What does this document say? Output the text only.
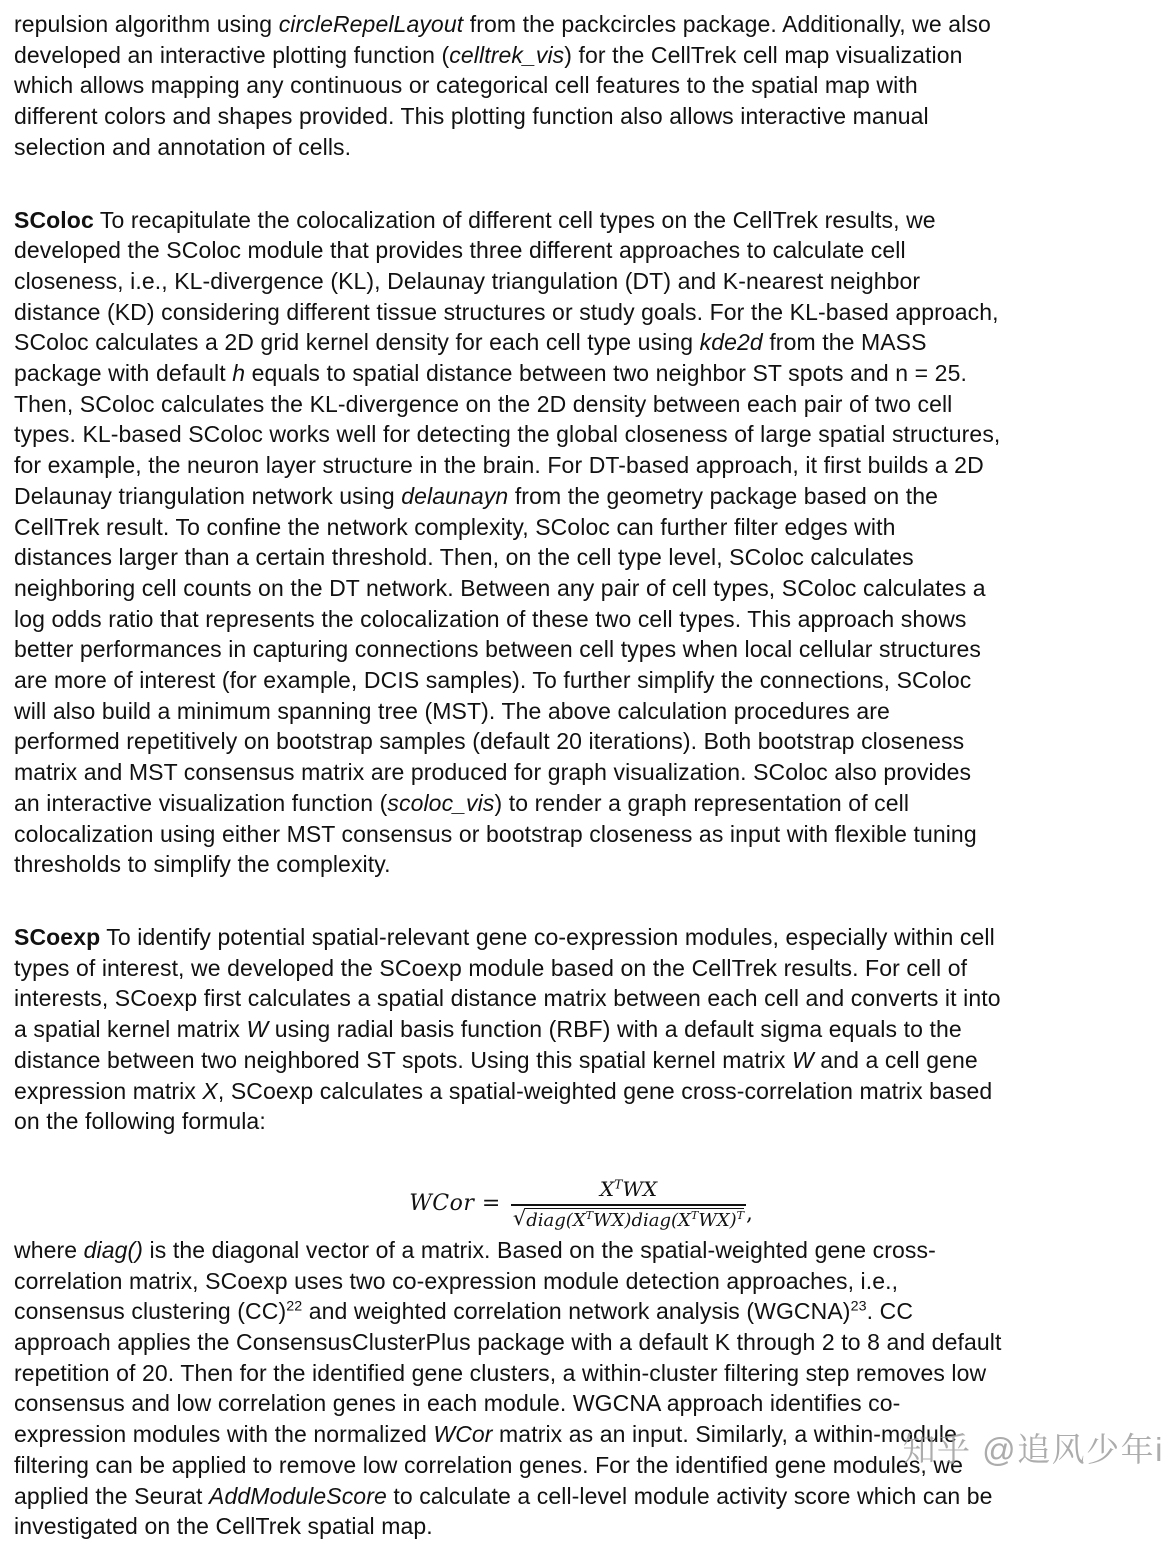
repulsion algorithm using circleRepelLayout from the packcircles package. Additionally, we also
developed an interactive plotting function (celltrek_vis) for the CellTrek cell map visualization
which allows mapping any continuous or categorical cell features to the spatial map with
different colors and shapes provided. This plotting function also allows interactive manual
selection and annotation of cells.
SColoc To recapitulate the colocalization of different cell types on the CellTrek results, we
developed the SColoc module that provides three different approaches to calculate cell
closeness, i.e., KL-divergence (KL), Delaunay triangulation (DT) and K-nearest neighbor
distance (KD) considering different tissue structures or study goals. For the KL-based approach,
SColoc calculates a 2D grid kernel density for each cell type using kde2d from the MASS
package with default h equals to spatial distance between two neighbor ST spots and n = 25.
Then, SColoc calculates the KL-divergence on the 2D density between each pair of two cell
types. KL-based SColoc works well for detecting the global closeness of large spatial structures,
for example, the neuron layer structure in the brain. For DT-based approach, it first builds a 2D
Delaunay triangulation network using delaunayn from the geometry package based on the
CellTrek result. To confine the network complexity, SColoc can further filter edges with
distances larger than a certain threshold. Then, on the cell type level, SColoc calculates
neighboring cell counts on the DT network. Between any pair of cell types, SColoc calculates a
log odds ratio that represents the colocalization of these two cell types. This approach shows
better performances in capturing connections between cell types when local cellular structures
are more of interest (for example, DCIS samples). To further simplify the connections, SColoc
will also build a minimum spanning tree (MST). The above calculation procedures are
performed repetitively on bootstrap samples (default 20 iterations). Both bootstrap closeness
matrix and MST consensus matrix are produced for graph visualization. SColoc also provides
an interactive visualization function (scoloc_vis) to render a graph representation of cell
colocalization using either MST consensus or bootstrap closeness as input with flexible tuning
thresholds to simplify the complexity.
SCoexp To identify potential spatial-relevant gene co-expression modules, especially within cell
types of interest, we developed the SCoexp module based on the CellTrek results. For cell of
interests, SCoexp first calculates a spatial distance matrix between each cell and converts it into
a spatial kernel matrix W using radial basis function (RBF) with a default sigma equals to the
distance between two neighbored ST spots. Using this spatial kernel matrix W and a cell gene
expression matrix X, SCoexp calculates a spatial-weighted gene cross-correlation matrix based
on the following formula:
WCor = $\frac{X^TWX}{√ diag(X^TWX)diag(X^TWX)^T}$ ,
where diag() is the diagonal vector of a matrix. Based on the spatial-weighted gene cross-
correlation matrix, SCoexp uses two co-expression module detection approaches, i.e.,
consensus clustering (CC)$^{22}$ and weighted correlation network analysis (WGCNA)$^{23}$. CC
approach applies the ConsensusClusterPlus package with a default K through 2 to 8 and default
repetition of 20. Then for the identified gene clusters, a within-cluster filtering step removes low
consensus and low correlation genes in each module. WGCNA approach identifies co-
expression modules with the normalized WCor matrix as an input. Similarly, a within-module
filtering can be applied to remove low correlation genes. For the identified gene modules, we
applied the Seurat AddModuleScore to calculate a cell-level module activity score which can be
investigated on the CellTrek spatial map.
知乎 @追风少年i
